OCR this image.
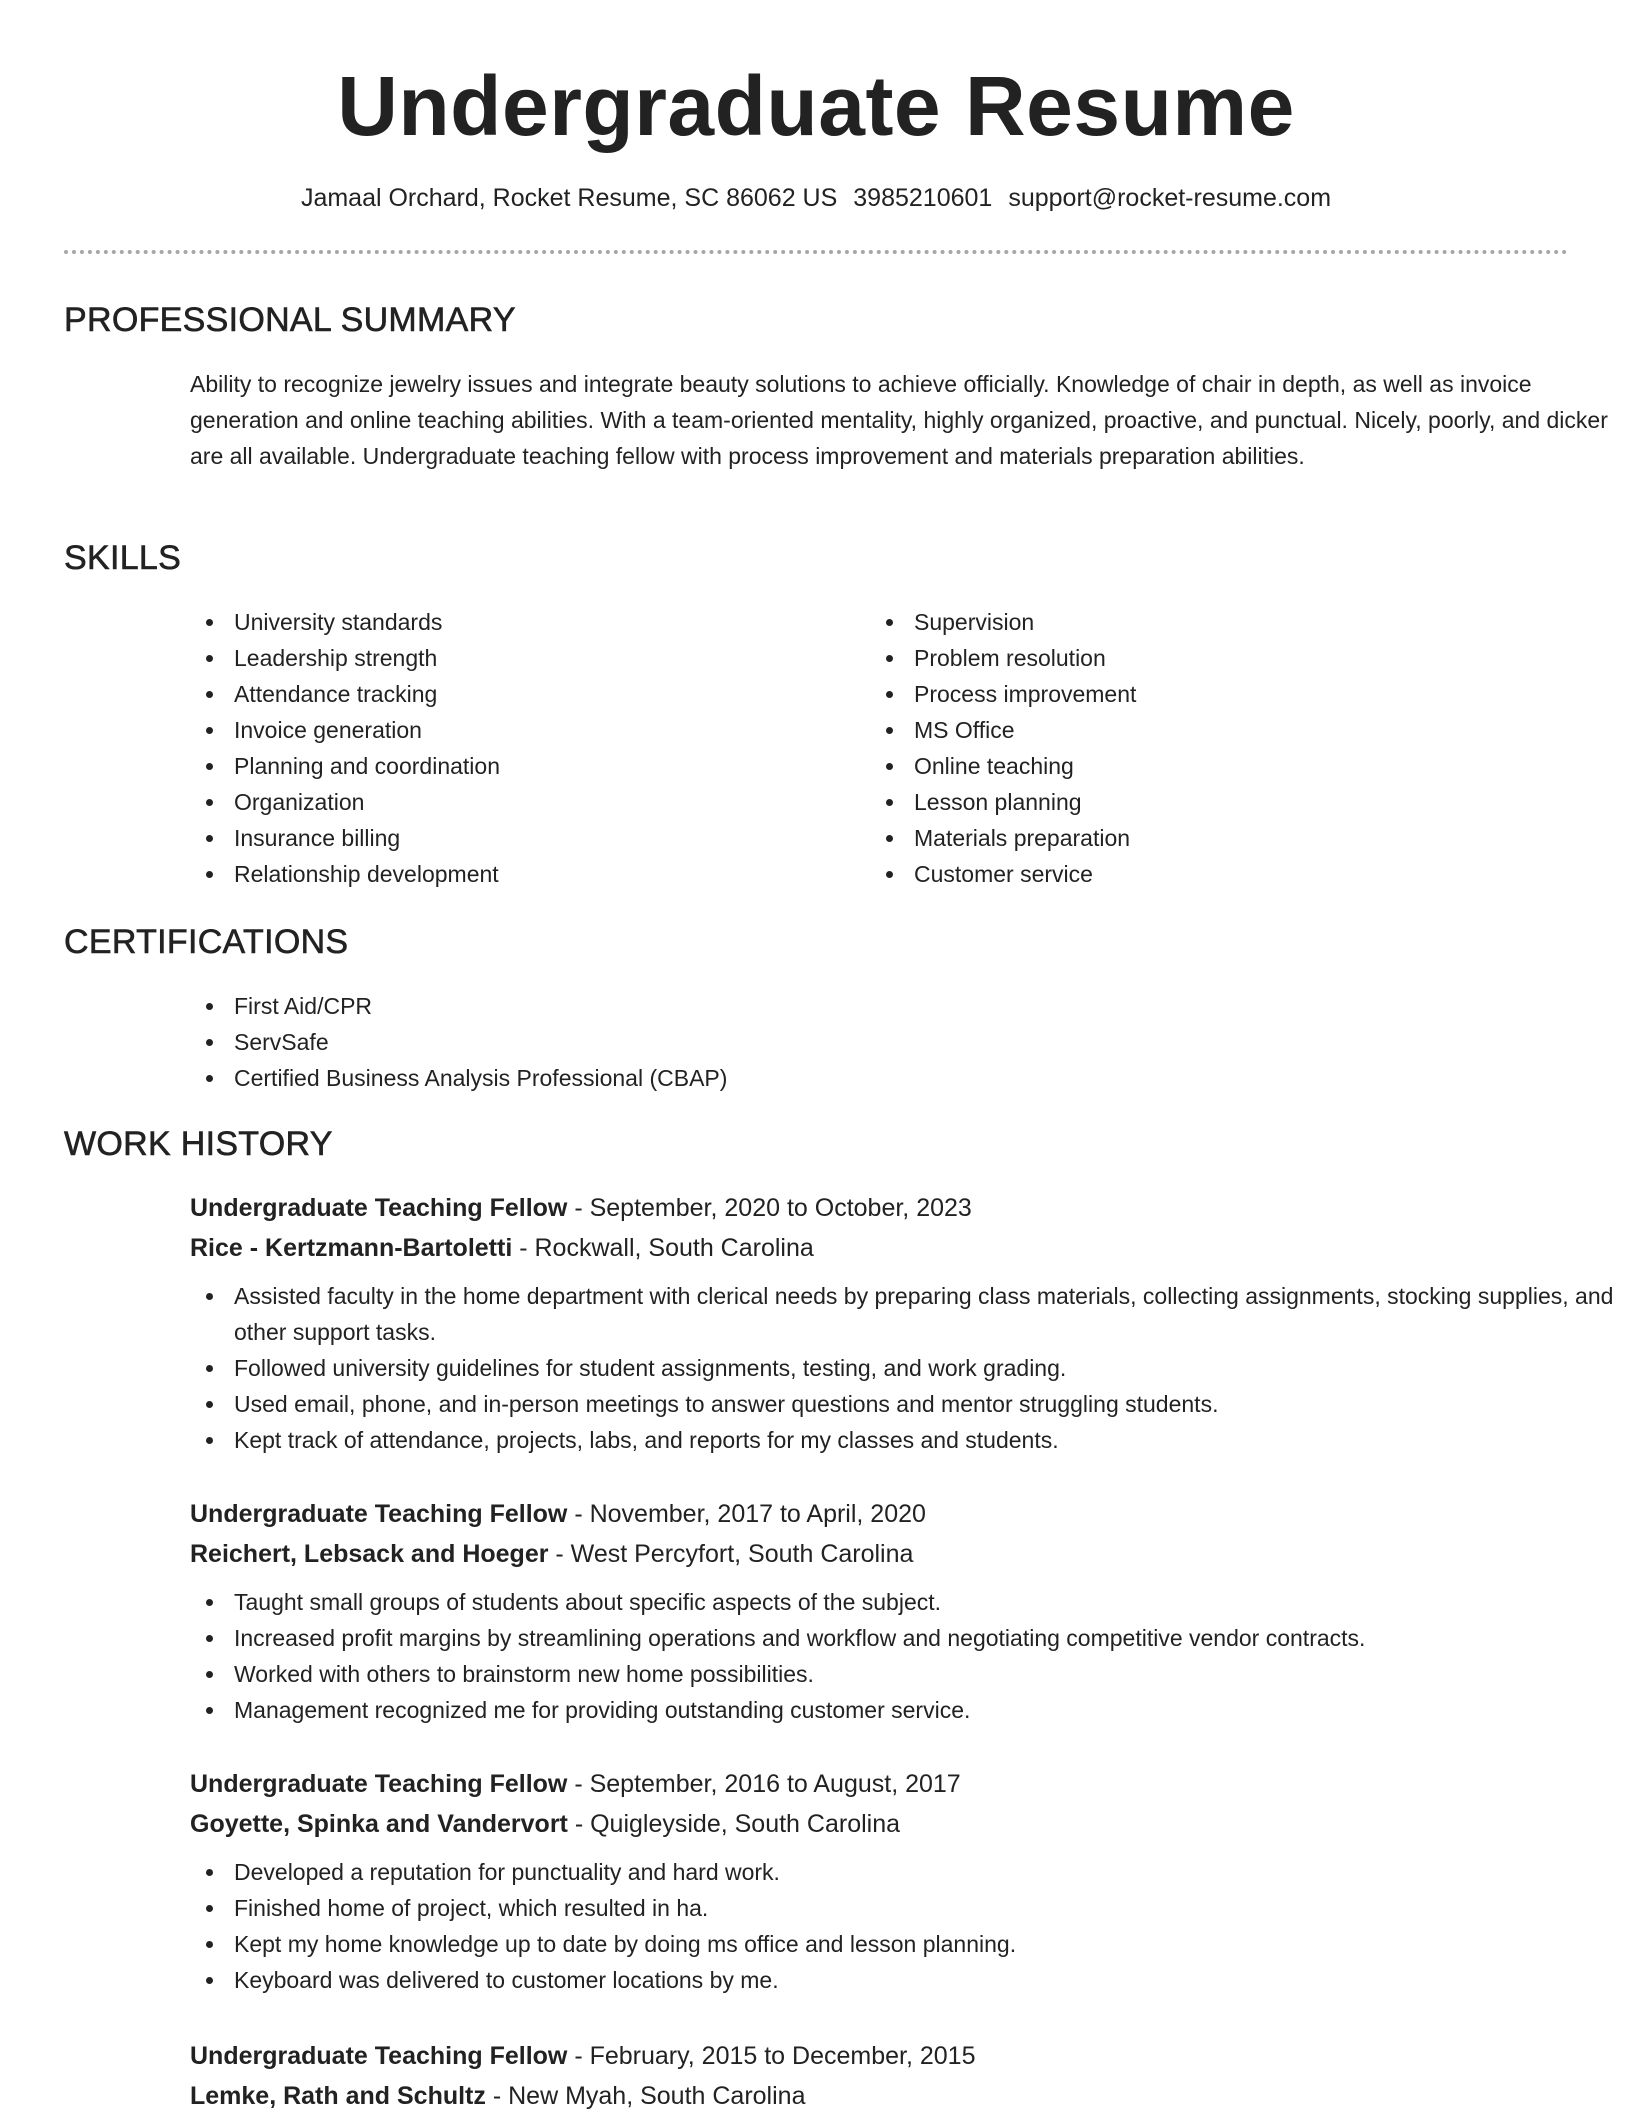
Undergraduate Resume
Jamaal Orchard, Rocket Resume, SC 86062 US 3985210601 support@rocket-resume.com
PROFESSIONAL SUMMARY

Ability to recognize jewelry issues and integrate beauty solutions to achieve officially. Knowledge of chair in depth, as well as invoice generation and online teaching abilities. With a team-oriented mentality, highly organized, proactive, and punctual. Nicely, poorly, and dicker are all available. Undergraduate teaching fellow with process improvement and materials preparation abilities.

SKILLS
University standards
Leadership strength
Attendance tracking
Invoice generation
Planning and coordination
Organization
Insurance billing
Relationship development
Supervision
Problem resolution
Process improvement
MS Office
Online teaching
Lesson planning
Materials preparation
Customer service
CERTIFICATIONS
First Aid/CPR
ServSafe
Certified Business Analysis Professional (CBAP)
WORK HISTORY
Undergraduate Teaching Fellow - September, 2020 to October, 2023
Rice - Kertzmann-Bartoletti - Rockwall, South Carolina
Assisted faculty in the home department with clerical needs by preparing class materials, collecting assignments, stocking supplies, and other support tasks.
Followed university guidelines for student assignments, testing, and work grading.
Used email, phone, and in-person meetings to answer questions and mentor struggling students.
Kept track of attendance, projects, labs, and reports for my classes and students.
Undergraduate Teaching Fellow - November, 2017 to April, 2020
Reichert, Lebsack and Hoeger - West Percyfort, South Carolina
Taught small groups of students about specific aspects of the subject.
Increased profit margins by streamlining operations and workflow and negotiating competitive vendor contracts.
Worked with others to brainstorm new home possibilities.
Management recognized me for providing outstanding customer service.
Undergraduate Teaching Fellow - September, 2016 to August, 2017
Goyette, Spinka and Vandervort - Quigleyside, South Carolina
Developed a reputation for punctuality and hard work.
Finished home of project, which resulted in ha.
Kept my home knowledge up to date by doing ms office and lesson planning.
Keyboard was delivered to customer locations by me.
Undergraduate Teaching Fellow - February, 2015 to December, 2015
Lemke, Rath and Schultz - New Myah, South Carolina
